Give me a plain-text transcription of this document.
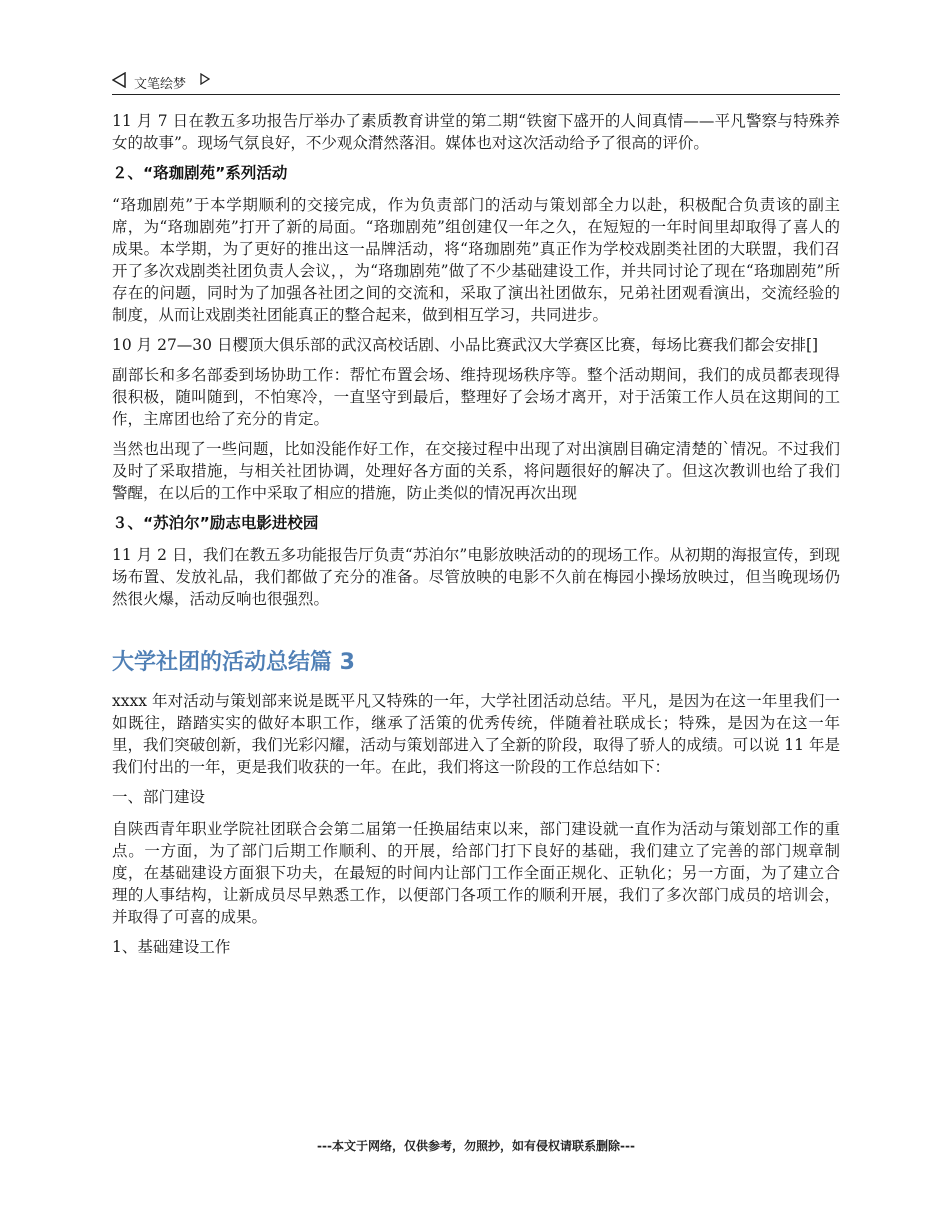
文笔绘梦

11 月 7 日在教五多功报告厅举办了素质教育讲堂的第二期“铁窗下盛开的人间真情——平凡警察与特殊养女的故事”。现场气氛良好，不少观众潸然落泪。媒体也对这次活动给予了很高的评价。

２、“珞珈剧苑”系列活动

“珞珈剧苑”于本学期顺利的交接完成，作为负责部门的活动与策划部全力以赴，积极配合负责该的副主席，为“珞珈剧苑”打开了新的局面。“珞珈剧苑”组创建仅一年之久，在短短的一年时间里却取得了喜人的成果。本学期，为了更好的推出这一品牌活动，将“珞珈剧苑”真正作为学校戏剧类社团的大联盟，我们召开了多次戏剧类社团负责人会议，，为“珞珈剧苑”做了不少基础建设工作，并共同讨论了现在“珞珈剧苑”所存在的问题，同时为了加强各社团之间的交流和，采取了演出社团做东，兄弟社团观看演出，交流经验的制度，从而让戏剧类社团能真正的整合起来，做到相互学习，共同进步。

10 月 27—30 日樱顶大俱乐部的武汉高校话剧、小品比赛武汉大学赛区比赛，每场比赛我们都会安排[]

副部长和多名部委到场协助工作：帮忙布置会场、维持现场秩序等。整个活动期间，我们的成员都表现得很积极，随叫随到，不怕寒冷，一直坚守到最后，整理好了会场才离开，对于活策工作人员在这期间的工作，主席团也给了充分的肯定。

当然也出现了一些问题，比如没能作好工作，在交接过程中出现了对出演剧目确定清楚的`情况。不过我们及时了采取措施，与相关社团协调，处理好各方面的关系，将问题很好的解决了。但这次教训也给了我们警醒，在以后的工作中采取了相应的措施，防止类似的情况再次出现

３、“苏泊尔”励志电影进校园

11 月 2 日，我们在教五多功能报告厅负责“苏泊尔”电影放映活动的的现场工作。从初期的海报宣传，到现场布置、发放礼品，我们都做了充分的准备。尽管放映的电影不久前在梅园小操场放映过，但当晚现场仍然很火爆，活动反响也很强烈。

大学社团的活动总结篇 3

xxxx 年对活动与策划部来说是既平凡又特殊的一年，大学社团活动总结。平凡，是因为在这一年里我们一如既往，踏踏实实的做好本职工作，继承了活策的优秀传统，伴随着社联成长；特殊，是因为在这一年里，我们突破创新，我们光彩闪耀，活动与策划部进入了全新的阶段，取得了骄人的成绩。可以说 11 年是我们付出的一年，更是我们收获的一年。在此，我们将这一阶段的工作总结如下：

一、部门建设

自陕西青年职业学院社团联合会第二届第一任换届结束以来，部门建设就一直作为活动与策划部工作的重点。一方面，为了部门后期工作顺利、的开展，给部门打下良好的基础，我们建立了完善的部门规章制度，在基础建设方面狠下功夫，在最短的时间内让部门工作全面正规化、正轨化；另一方面，为了建立合理的人事结构，让新成员尽早熟悉工作，以便部门各项工作的顺利开展，我们了多次部门成员的培训会，并取得了可喜的成果。

1、基础建设工作
---本文于网络，仅供参考，勿照抄，如有侵权请联系删除---
